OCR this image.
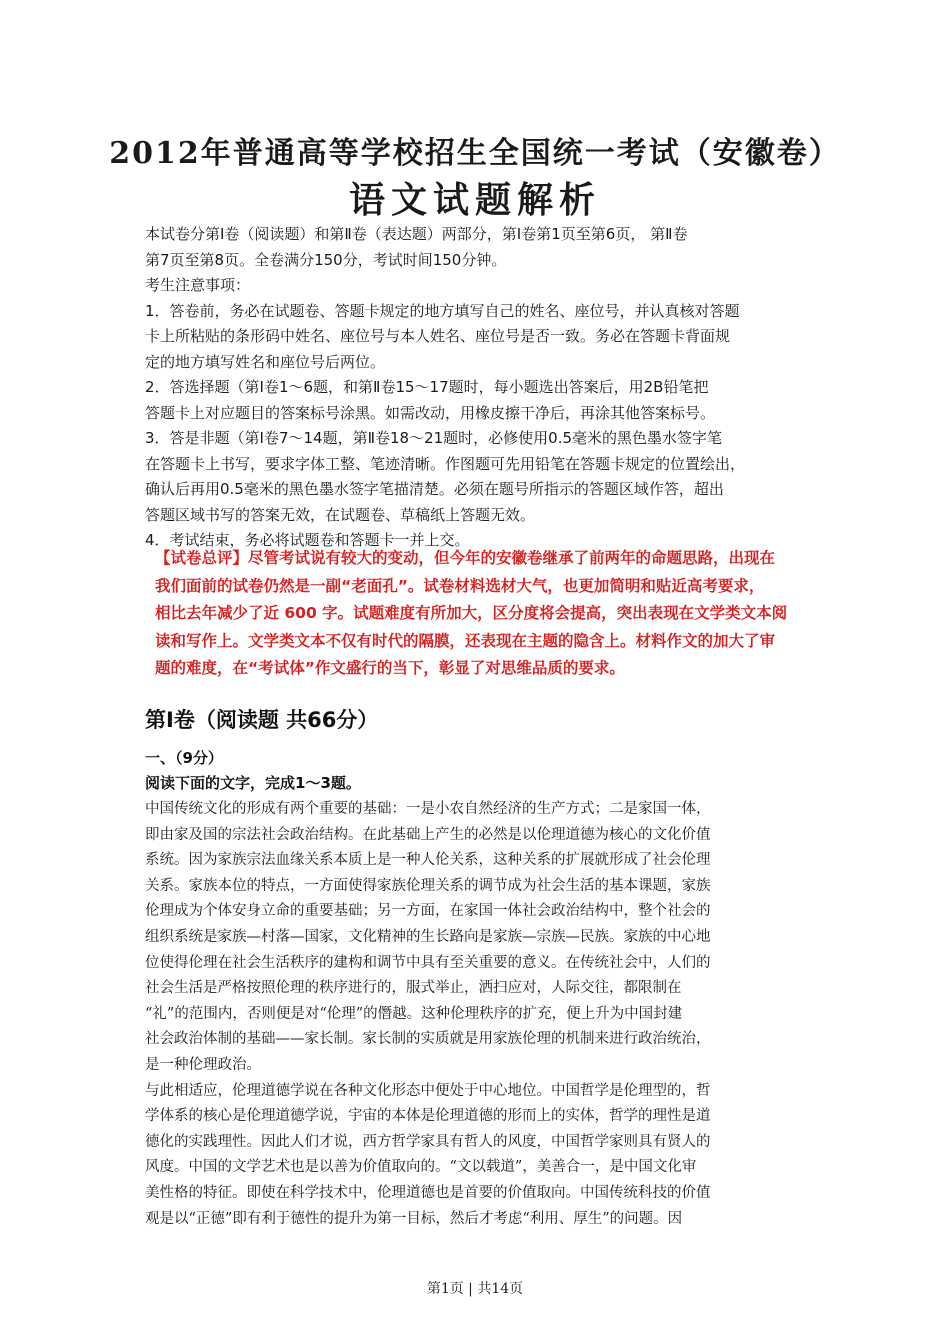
2012年普通高等学校招生全国统一考试（安徽卷）
语文试题解析

本试卷分第Ⅰ卷（阅读题）和第Ⅱ卷（表达题）两部分，第Ⅰ卷第1页至第6页， 第Ⅱ卷

第7页至第8页。全卷满分150分，考试时间150分钟。

考生注意事项：

1．答卷前，务必在试题卷、答题卡规定的地方填写自己的姓名、座位号，并认真核对答题

卡上所粘贴的条形码中姓名、座位号与本人姓名、座位号是否一致。务必在答题卡背面规

定的地方填写姓名和座位号后两位。

2．答选择题（第Ⅰ卷1～6题，和第Ⅱ卷15～17题时，每小题选出答案后，用2B铅笔把

答题卡上对应题目的答案标号涂黑。如需改动，用橡皮擦干净后，再涂其他答案标号。

3．答是非题（第Ⅰ卷7～14题，第Ⅱ卷18～21题时，必修使用0.5毫米的黑色墨水签字笔

在答题卡上书写，要求字体工整、笔迹清晰。作图题可先用铅笔在答题卡规定的位置绘出，

确认后再用0.5毫米的黑色墨水签字笔描清楚。必须在题号所指示的答题区域作答，超出

答题区域书写的答案无效，在试题卷、草稿纸上答题无效。

4．考试结束，务必将试题卷和答题卡一并上交。

【试卷总评】尽管考试说有较大的变动，但今年的安徽卷继承了前两年的命题思路，出现在

我们面前的试卷仍然是一副“老面孔”。试卷材料选材大气，也更加简明和贴近高考要求，

相比去年减少了近 600 字。试题难度有所加大，区分度将会提高，突出表现在文学类文本阅

读和写作上。文学类文本不仅有时代的隔膜，还表现在主题的隐含上。材料作文的加大了审

题的难度，在“考试体”作文盛行的当下，彰显了对思维品质的要求。

第Ⅰ卷（阅读题 共66分）
一、（9分）
阅读下面的文字，完成1～3题。

中国传统文化的形成有两个重要的基础：一是小农自然经济的生产方式；二是家国一体，

即由家及国的宗法社会政治结构。在此基础上产生的必然是以伦理道德为核心的文化价值

系统。因为家族宗法血缘关系本质上是一种人伦关系，这种关系的扩展就形成了社会伦理

关系。家族本位的特点，一方面使得家族伦理关系的调节成为社会生活的基本课题，家族

伦理成为个体安身立命的重要基础；另一方面，在家国一体社会政治结构中，整个社会的

组织系统是家族—村落—国家，文化精神的生长路向是家族—宗族—民族。家族的中心地

位使得伦理在社会生活秩序的建构和调节中具有至关重要的意义。在传统社会中，人们的

社会生活是严格按照伦理的秩序进行的，服式举止，洒扫应对，人际交往，都限制在

“礼”的范围内，否则便是对“伦理”的僭越。这种伦理秩序的扩充，便上升为中国封建

社会政治体制的基础——家长制。家长制的实质就是用家族伦理的机制来进行政治统治，

是一种伦理政治。

与此相适应，伦理道德学说在各种文化形态中便处于中心地位。中国哲学是伦理型的，哲

学体系的核心是伦理道德学说，宇宙的本体是伦理道德的形而上的实体，哲学的理性是道

德化的实践理性。因此人们才说，西方哲学家具有哲人的风度，中国哲学家则具有贤人的

风度。中国的文学艺术也是以善为价值取向的。“文以载道”，美善合一，是中国文化审

美性格的特征。即使在科学技术中，伦理道德也是首要的价值取向。中国传统科技的价值

观是以“正德”即有利于德性的提升为第一目标，然后才考虑“利用、厚生”的问题。因

第1页 | 共14页
